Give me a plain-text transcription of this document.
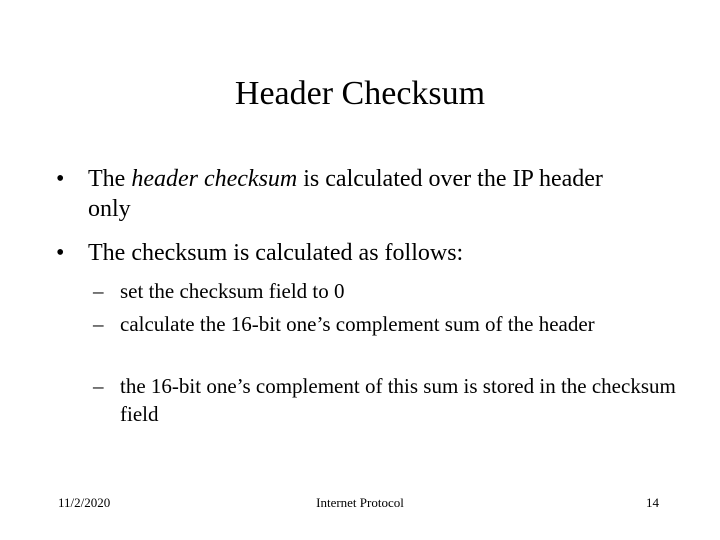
Header Checksum
• The header checksum is calculated over the IP header only
• The checksum is calculated as follows:
– set the checksum field to 0
– calculate the 16-bit one’s complement sum of the header
– the 16-bit one’s complement of this sum is stored in the checksum field
11/2/2020	Internet Protocol	14
